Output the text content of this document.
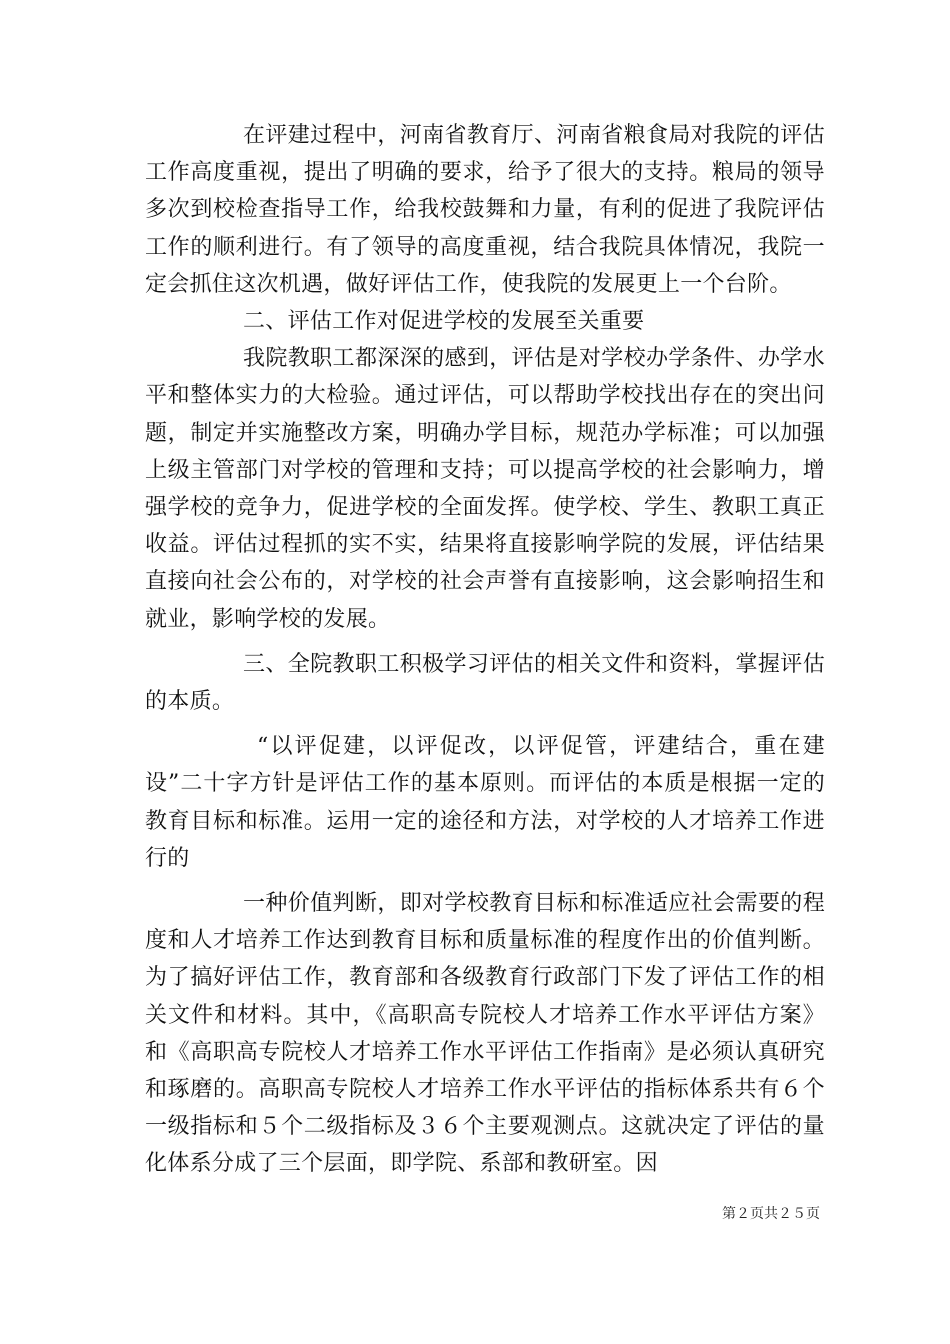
在评建过程中，河南省教育厅、河南省粮食局对我院的评估工作高度重视，提出了明确的要求，给予了很大的支持。粮局的领导多次到校检查指导工作，给我校鼓舞和力量，有利的促进了我院评估工作的顺利进行。有了领导的高度重视，结合我院具体情况，我院一定会抓住这次机遇，做好评估工作，使我院的发展更上一个台阶。

二、评估工作对促进学校的发展至关重要

我院教职工都深深的感到，评估是对学校办学条件、办学水平和整体实力的大检验。通过评估，可以帮助学校找出存在的突出问题，制定并实施整改方案，明确办学目标，规范办学标准；可以加强上级主管部门对学校的管理和支持；可以提高学校的社会影响力，增强学校的竞争力，促进学校的全面发挥。使学校、学生、教职工真正收益。评估过程抓的实不实，结果将直接影响学院的发展，评估结果直接向社会公布的，对学校的社会声誉有直接影响，这会影响招生和就业，影响学校的发展。

三、全院教职工积极学习评估的相关文件和资料，掌握评估的本质。

“以评促建，以评促改，以评促管，评建结合，重在建设”二十字方针是评估工作的基本原则。而评估的本质是根据一定的教育目标和标准。运用一定的途径和方法，对学校的人才培养工作进行的

一种价值判断，即对学校教育目标和标准适应社会需要的程度和人才培养工作达到教育目标和质量标准的程度作出的价值判断。为了搞好评估工作，教育部和各级教育行政部门下发了评估工作的相关文件和材料。其中，《高职高专院校人才培养工作水平评估方案》和《高职高专院校人才培养工作水平评估工作指南》是必须认真研究和琢磨的。高职高专院校人才培养工作水平评估的指标体系共有６个一级指标和５个二级指标及３６个主要观测点。这就决定了评估的量化体系分成了三个层面，即学院、系部和教研室。因

第２页共２５页
